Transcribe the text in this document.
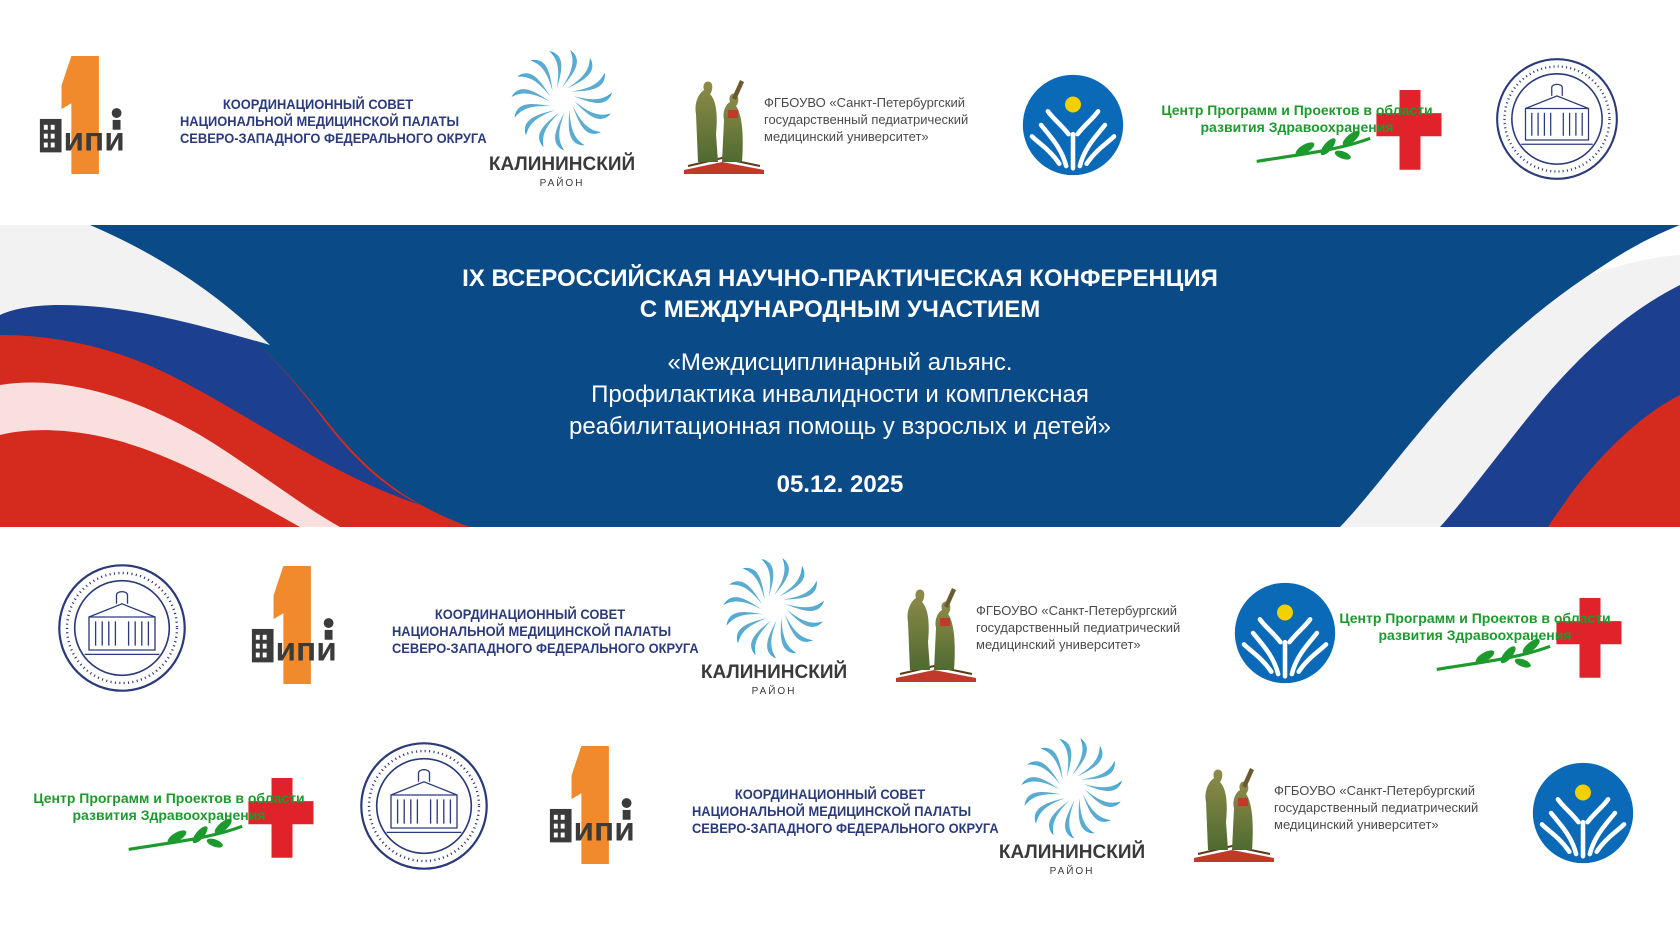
КООРДИНАЦИОННЫЙ СОВЕТ
НАЦИОНАЛЬНОЙ МЕДИЦИНСКОЙ ПАЛАТЫ
СЕВЕРО-ЗАПАДНОГО ФЕДЕРАЛЬНОГО ОКРУГА
КАЛИНИНСКИЙ
РАЙОН
ФГБОУВО «Санкт-Петербургский
государственный педиатрический
медицинский университет»
Центр Программ и Проектов в области
развития Здравоохранения
IX ВСЕРОССИЙСКАЯ НАУЧНО-ПРАКТИЧЕСКАЯ КОНФЕРЕНЦИЯ
С МЕЖДУНАРОДНЫМ УЧАСТИЕМ
«Междисциплинарный альянс.
Профилактика инвалидности и комплексная
реабилитационная помощь у взрослых и детей»
05.12. 2025
КООРДИНАЦИОННЫЙ СОВЕТ
НАЦИОНАЛЬНОЙ МЕДИЦИНСКОЙ ПАЛАТЫ
СЕВЕРО-ЗАПАДНОГО ФЕДЕРАЛЬНОГО ОКРУГА
КАЛИНИНСКИЙ
РАЙОН
ФГБОУВО «Санкт-Петербургский
государственный педиатрический
медицинский университет»
Центр Программ и Проектов в области
развития Здравоохранения
Центр Программ и Проектов в области
развития Здравоохранения
КООРДИНАЦИОННЫЙ СОВЕТ
НАЦИОНАЛЬНОЙ МЕДИЦИНСКОЙ ПАЛАТЫ
СЕВЕРО-ЗАПАДНОГО ФЕДЕРАЛЬНОГО ОКРУГА
КАЛИНИНСКИЙ
РАЙОН
ФГБОУВО «Санкт-Петербургский
государственный педиатрический
медицинский университет»
